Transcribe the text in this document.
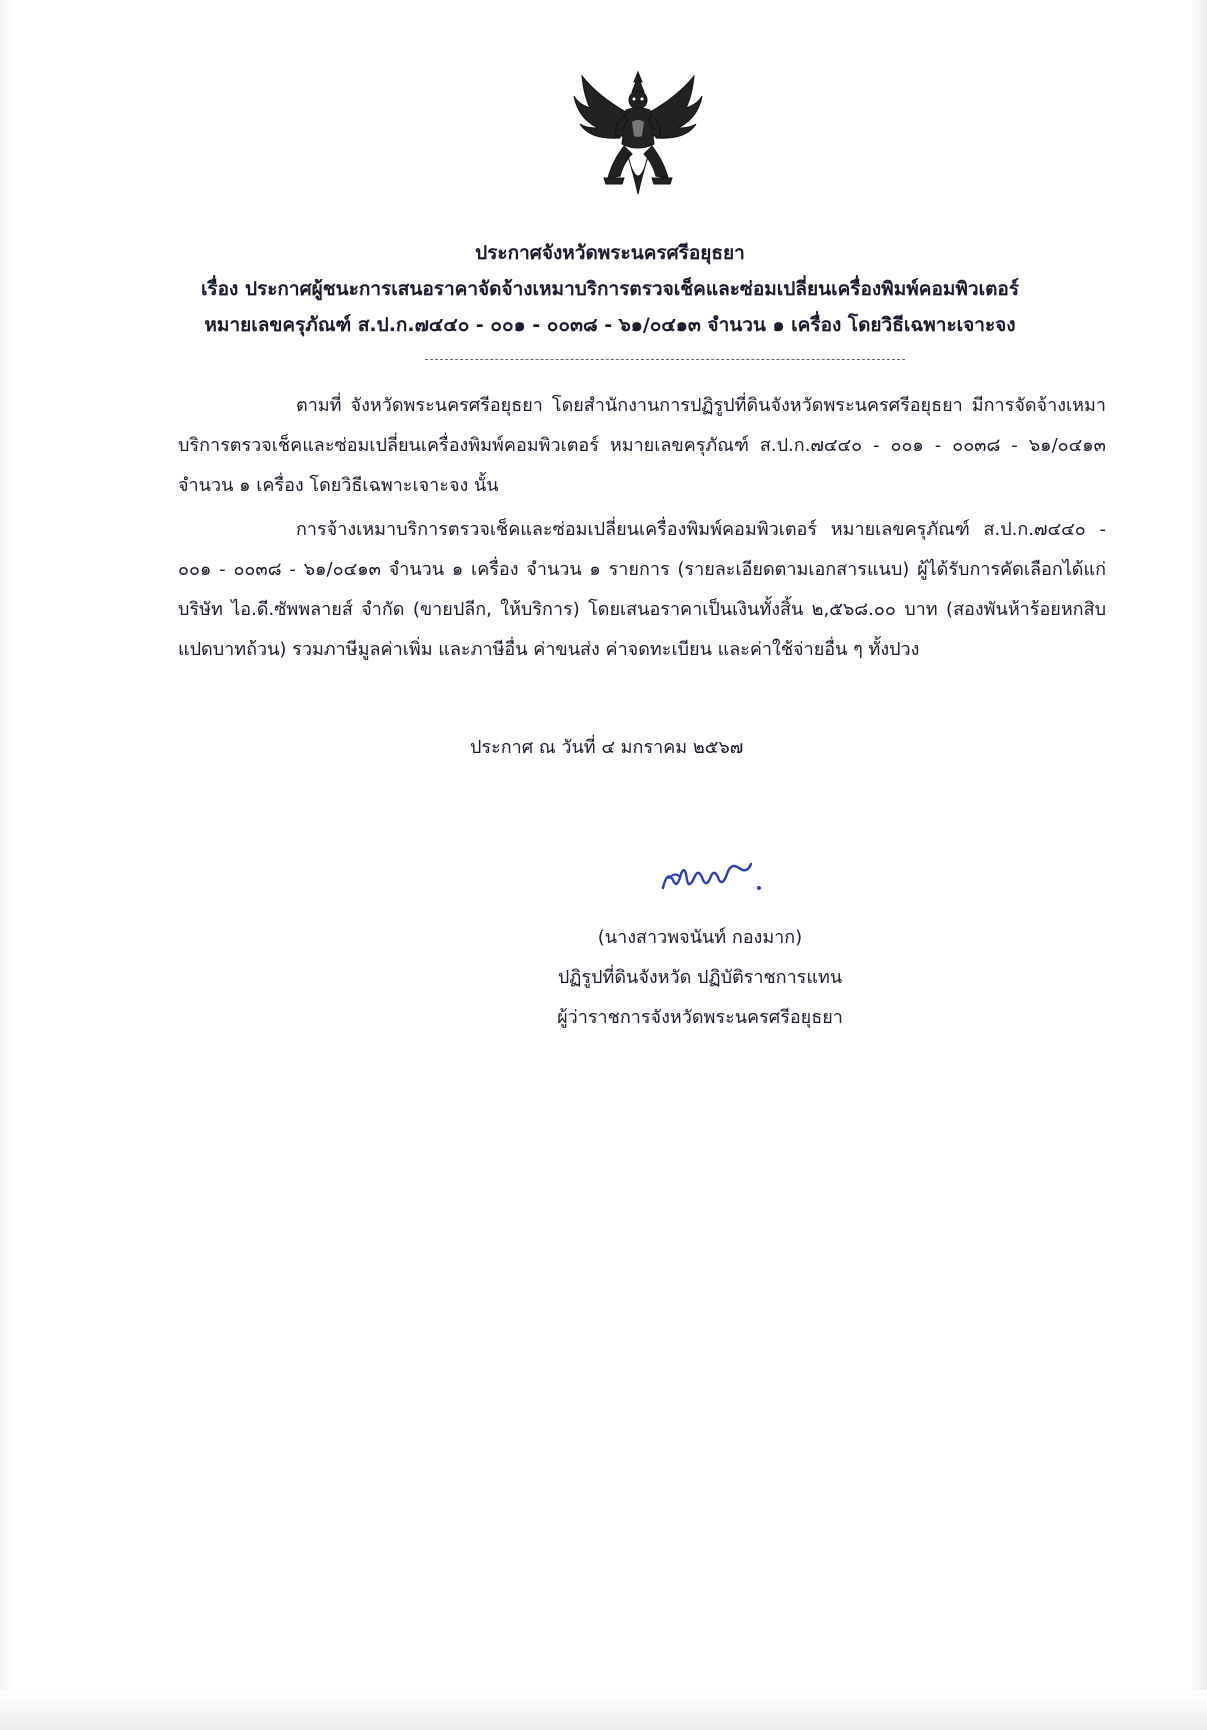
ประกาศจังหวัดพระนครศรีอยุธยา
เรื่อง ประกาศผู้ชนะการเสนอราคาจัดจ้างเหมาบริการตรวจเช็คและซ่อมเปลี่ยนเครื่องพิมพ์คอมพิวเตอร์
หมายเลขครุภัณฑ์ ส.ป.ก.๗๔๔๐ - ๐๐๑ - ๐๐๓๘ - ๖๑/๐๔๑๓ จำนวน ๑ เครื่อง โดยวิธีเฉพาะเจาะจง
ตามที่ จังหวัดพระนครศรีอยุธยา โดยสำนักงานการปฏิรูปที่ดินจังหวัดพระนครศรีอยุธยา มีการจัดจ้างเหมาบริการตรวจเช็คและซ่อมเปลี่ยนเครื่องพิมพ์คอมพิวเตอร์ หมายเลขครุภัณฑ์ ส.ป.ก.๗๔๔๐ - ๐๐๑ - ๐๐๓๘ - ๖๑/๐๔๑๓ จำนวน ๑ เครื่อง โดยวิธีเฉพาะเจาะจง นั้น
การจ้างเหมาบริการตรวจเช็คและซ่อมเปลี่ยนเครื่องพิมพ์คอมพิวเตอร์ หมายเลขครุภัณฑ์ ส.ป.ก.๗๔๔๐ - ๐๐๑ - ๐๐๓๘ - ๖๑/๐๔๑๓ จำนวน ๑ เครื่อง จำนวน ๑ รายการ (รายละเอียดตามเอกสารแนบ) ผู้ได้รับการคัดเลือกได้แก่ บริษัท ไอ.ดี.ซัพพลายส์ จำกัด (ขายปลีก, ให้บริการ) โดยเสนอราคาเป็นเงินทั้งสิ้น ๒,๕๖๘.๐๐ บาท (สองพันห้าร้อยหกสิบแปดบาทถ้วน) รวมภาษีมูลค่าเพิ่ม และภาษีอื่น ค่าขนส่ง ค่าจดทะเบียน และค่าใช้จ่ายอื่น ๆ ทั้งปวง
ประกาศ ณ วันที่ ๔ มกราคม ๒๕๖๗
(นางสาวพจนันท์ กองมาก)
ปฏิรูปที่ดินจังหวัด ปฏิบัติราชการแทน
ผู้ว่าราชการจังหวัดพระนครศรีอยุธยา
